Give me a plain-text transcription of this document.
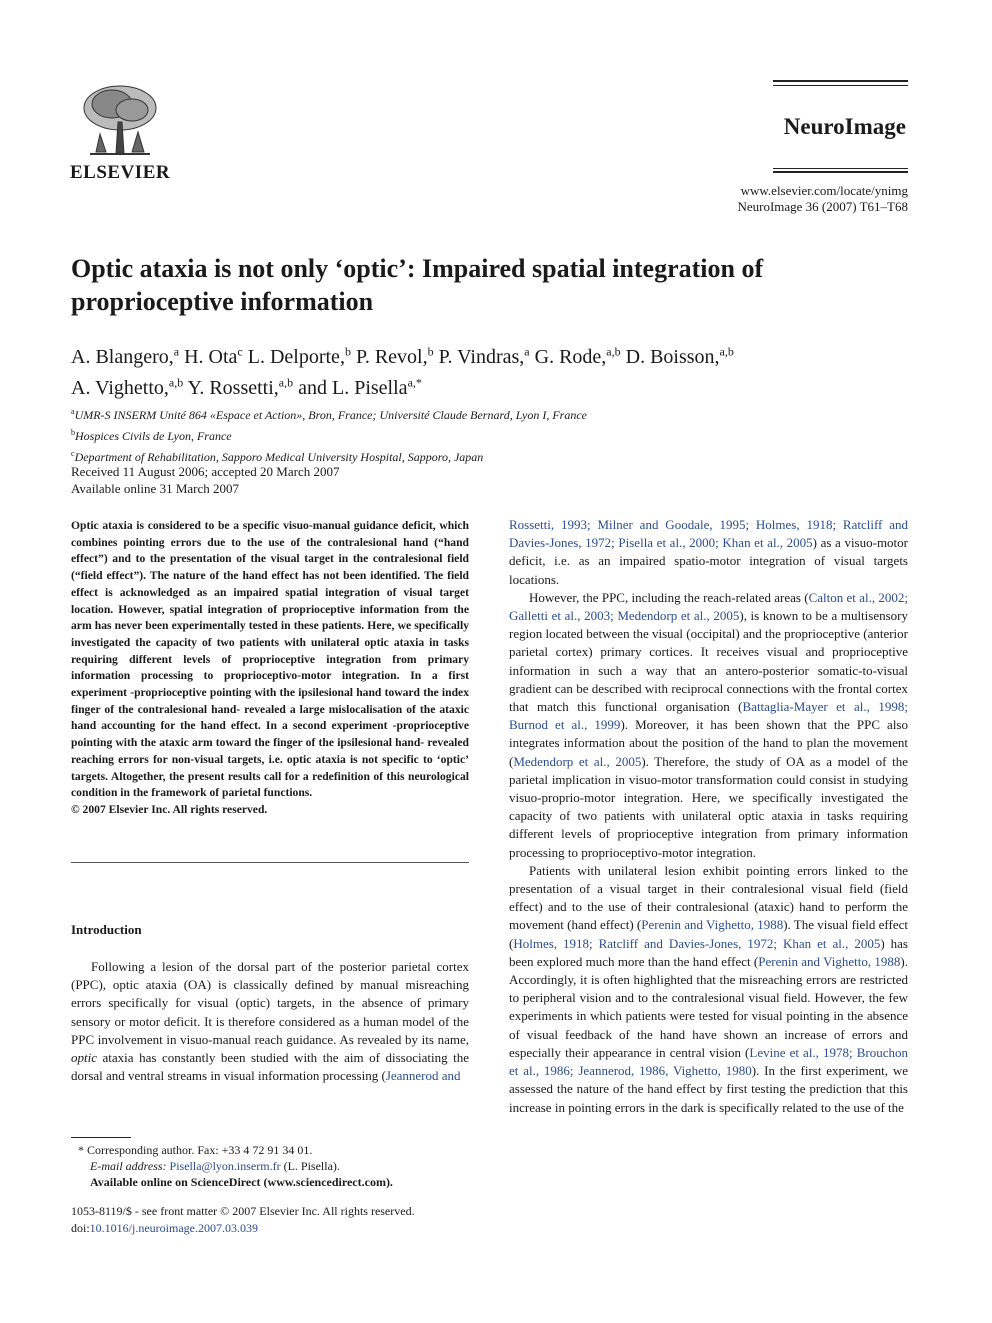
ELSEVIER
NeuroImage
www.elsevier.com/locate/ynimg
NeuroImage 36 (2007) T61–T68
Optic ataxia is not only ‘optic’: Impaired spatial integration of proprioceptive information
A. Blangero,$^a$ H. Ota$^c$ L. Delporte,$^b$ P. Revol,$^b$ P. Vindras,$^a$ G. Rode,$^{a,b}$ D. Boisson,$^{a,b}$
A. Vighetto,$^{a,b}$ Y. Rossetti,$^{a,b}$ and L. Pisella$^{a,*}$
$^a$UMR-S INSERM Unité 864 «Espace et Action», Bron, France; Université Claude Bernard, Lyon I, France
$^b$Hospices Civils de Lyon, France
$^c$Department of Rehabilitation, Sapporo Medical University Hospital, Sapporo, Japan
Received 11 August 2006; accepted 20 March 2007
Available online 31 March 2007
Optic ataxia is considered to be a specific visuo-manual guidance deficit, which combines pointing errors due to the use of the contralesional hand (“hand effect”) and to the presentation of the visual target in the contralesional field (“field effect”). The nature of the hand effect has not been identified. The field effect is acknowledged as an impaired spatial integration of visual target location. However, spatial integration of proprioceptive information from the arm has never been experimentally tested in these patients. Here, we specifically investigated the capacity of two patients with unilateral optic ataxia in tasks requiring different levels of proprioceptive integration from primary information processing to proprioceptivo-motor integration. In a first experiment -proprioceptive pointing with the ipsilesional hand toward the index finger of the contralesional hand- revealed a large mislocalisation of the ataxic hand accounting for the hand effect. In a second experiment -proprioceptive pointing with the ataxic arm toward the finger of the ipsilesional hand- revealed reaching errors for non-visual targets, i.e. optic ataxia is not specific to ‘optic’ targets. Altogether, the present results call for a redefinition of this neurological condition in the framework of parietal functions.
© 2007 Elsevier Inc. All rights reserved.
Introduction

Following a lesion of the dorsal part of the posterior parietal cortex (PPC), optic ataxia (OA) is classically defined by manual misreaching errors specifically for visual (optic) targets, in the absence of primary sensory or motor deficit. It is therefore considered as a human model of the PPC involvement in visuo-manual reach guidance. As revealed by its name, optic ataxia has constantly been studied with the aim of dissociating the dorsal and ventral streams in visual information processing (Jeannerod and

Rossetti, 1993; Milner and Goodale, 1995; Holmes, 1918; Ratcliff and Davies-Jones, 1972; Pisella et al., 2000; Khan et al., 2005) as a visuo-motor deficit, i.e. as an impaired spatio-motor integration of visual targets locations.

However, the PPC, including the reach-related areas (Calton et al., 2002; Galletti et al., 2003; Medendorp et al., 2005), is known to be a multisensory region located between the visual (occipital) and the proprioceptive (anterior parietal cortex) primary cortices. It receives visual and proprioceptive information in such a way that an antero-posterior somatic-to-visual gradient can be described with reciprocal connections with the frontal cortex that match this functional organisation (Battaglia-Mayer et al., 1998; Burnod et al., 1999). Moreover, it has been shown that the PPC also integrates information about the position of the hand to plan the movement (Medendorp et al., 2005). Therefore, the study of OA as a model of the parietal implication in visuo-motor transformation could consist in studying visuo-proprio-motor integration. Here, we specifically investigated the capacity of two patients with unilateral optic ataxia in tasks requiring different levels of proprioceptive integration from primary information processing to proprioceptivo-motor integration.

Patients with unilateral lesion exhibit pointing errors linked to the presentation of a visual target in their contralesional visual field (field effect) and to the use of their contralesional (ataxic) hand to perform the movement (hand effect) (Perenin and Vighetto, 1988). The visual field effect (Holmes, 1918; Ratcliff and Davies-Jones, 1972; Khan et al., 2005) has been explored much more than the hand effect (Perenin and Vighetto, 1988). Accordingly, it is often highlighted that the misreaching errors are restricted to peripheral vision and to the contralesional visual field. However, the few experiments in which patients were tested for visual pointing in the absence of visual feedback of the hand have shown an increase of errors and especially their appearance in central vision (Levine et al., 1978; Brouchon et al., 1986; Jeannerod, 1986, Vighetto, 1980). In the first experiment, we assessed the nature of the hand effect by first testing the prediction that this increase in pointing errors in the dark is specifically related to the use of the

* Corresponding author. Fax: +33 4 72 91 34 01.
E-mail address: Pisella@lyon.inserm.fr (L. Pisella).
Available online on ScienceDirect (www.sciencedirect.com).
1053-8119/$ - see front matter © 2007 Elsevier Inc. All rights reserved.
doi:10.1016/j.neuroimage.2007.03.039
